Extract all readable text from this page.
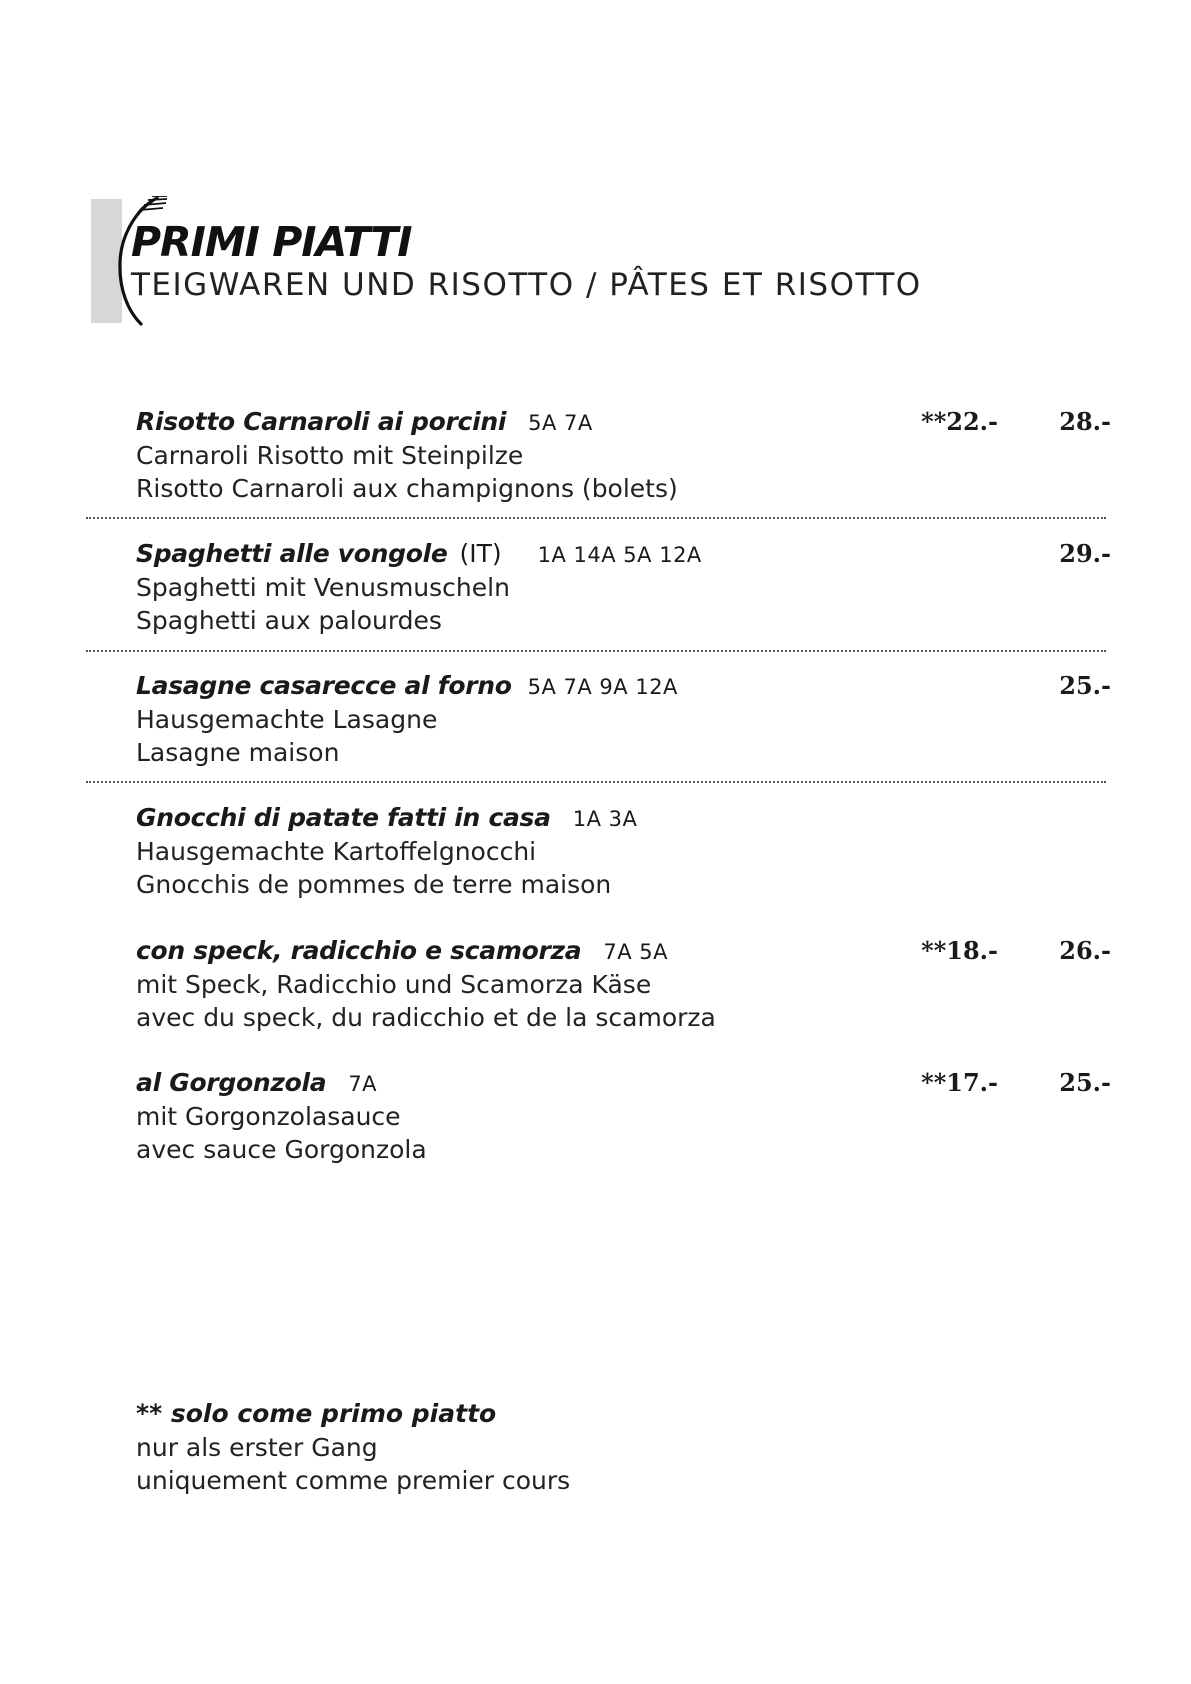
PRIMI PIATTI
TEIGWAREN UND RISOTTO / PÂTES ET RISOTTO
Risotto Carnaroli ai porcini 5A 7A
Carnaroli Risotto mit Steinpilze
Risotto Carnaroli aux champignons (bolets)
**22.-	28.-
Spaghetti alle vongole (IT) 1A 14A 5A 12A
Spaghetti mit Venusmuscheln
Spaghetti aux palourdes
29.-
Lasagne casarecce al forno 5A 7A 9A 12A
Hausgemachte Lasagne
Lasagne maison
25.-
Gnocchi di patate fatti in casa 1A 3A
Hausgemachte Kartoffelgnocchi
Gnocchis de pommes de terre maison
con speck, radicchio e scamorza 7A 5A
mit Speck, Radicchio und Scamorza Käse
avec du speck, du radicchio et de la scamorza
**18.-	26.-
al Gorgonzola 7A
mit Gorgonzolasauce
avec sauce Gorgonzola
**17.-	25.-
** solo come primo piatto
nur als erster Gang
uniquement comme premier cours
